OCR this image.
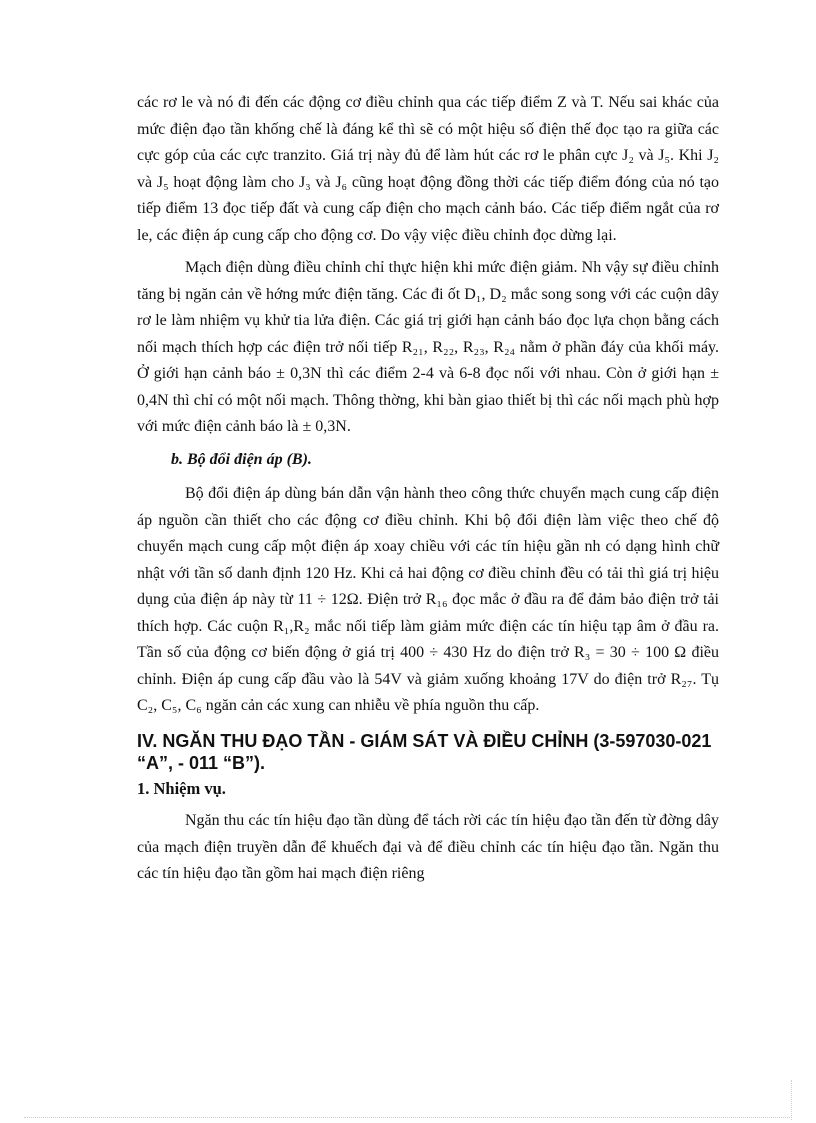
các rơ le và nó đi đến các động cơ điều chỉnh qua các tiếp điểm Z và T. Nếu sai khác của mức điện đạo tần khống chế là đáng kể thì sẽ có một hiệu số điện thế đọc tạo ra giữa các cực góp của các cực tranzito. Giá trị này đủ để làm hút các rơ le phân cực J₂ và J₅. Khi J₂ và J₅ hoạt động làm cho J₃ và J₆ cũng hoạt động đồng thời các tiếp điểm đóng của nó tạo tiếp điểm 13 đọc tiếp đất và cung cấp điện cho mạch cảnh báo. Các tiếp điểm ngắt của rơ le, các điện áp cung cấp cho động cơ. Do vậy việc điều chỉnh đọc dừng lại.

Mạch điện dùng điều chỉnh chỉ thực hiện khi mức điện giảm. Nh vậy sự điều chỉnh tăng bị ngăn cản về hớng mức điện tăng. Các đi ốt D₁, D₂ mắc song song với các cuộn dây rơ le làm nhiệm vụ khử tia lửa điện. Các giá trị giới hạn cảnh báo đọc lựa chọn bằng cách nối mạch thích hợp các điện trở nối tiếp R₂₁, R₂₂, R₂₃, R₂₄ nằm ở phần đáy của khối máy. Ở giới hạn cảnh báo ± 0,3N thì các điểm 2-4 và 6-8 đọc nối với nhau. Còn ở giới hạn ± 0,4N thì chỉ có một nối mạch. Thông thờng, khi bàn giao thiết bị thì các nối mạch phù hợp với mức điện cảnh báo là ± 0,3N.

b. Bộ đổi điện áp (B).

Bộ đổi điện áp dùng bán dẫn vận hành theo công thức chuyển mạch cung cấp điện áp nguồn cần thiết cho các động cơ điều chỉnh. Khi bộ đổi điện làm việc theo chế độ chuyển mạch cung cấp một điện áp xoay chiều với các tín hiệu gần nh có dạng hình chữ nhật với tần số danh định 120 Hz. Khi cả hai động cơ điều chỉnh đều có tải thì giá trị hiệu dụng của điện áp này từ 11 ÷ 12Ω. Điện trở R₁₆ đọc mắc ở đầu ra để đảm bảo điện trở tải thích hợp. Các cuộn R₁,R₂ mắc nối tiếp làm giảm mức điện các tín hiệu tạp âm ở đầu ra. Tần số của động cơ biến động ở giá trị 400 ÷ 430 Hz do điện trở R₃ = 30 ÷ 100 Ω điều chỉnh. Điện áp cung cấp đầu vào là 54V và giảm xuống khoảng 17V do điện trở R₂₇. Tụ C₂, C₅, C₆ ngăn cản các xung can nhiễu về phía nguồn thu cấp.

IV. NGĂN THU ĐẠO TẦN - GIÁM SÁT VÀ ĐIỀU CHỈNH (3-597030-021 “A”, - 011 “B”).

1. Nhiệm vụ.

Ngăn thu các tín hiệu đạo tần dùng để tách rời các tín hiệu đạo tần đến từ đờng dây của mạch điện truyền dẫn để khuếch đại và để điều chỉnh các tín hiệu đạo tần. Ngăn thu các tín hiệu đạo tần gồm hai mạch điện riêng
